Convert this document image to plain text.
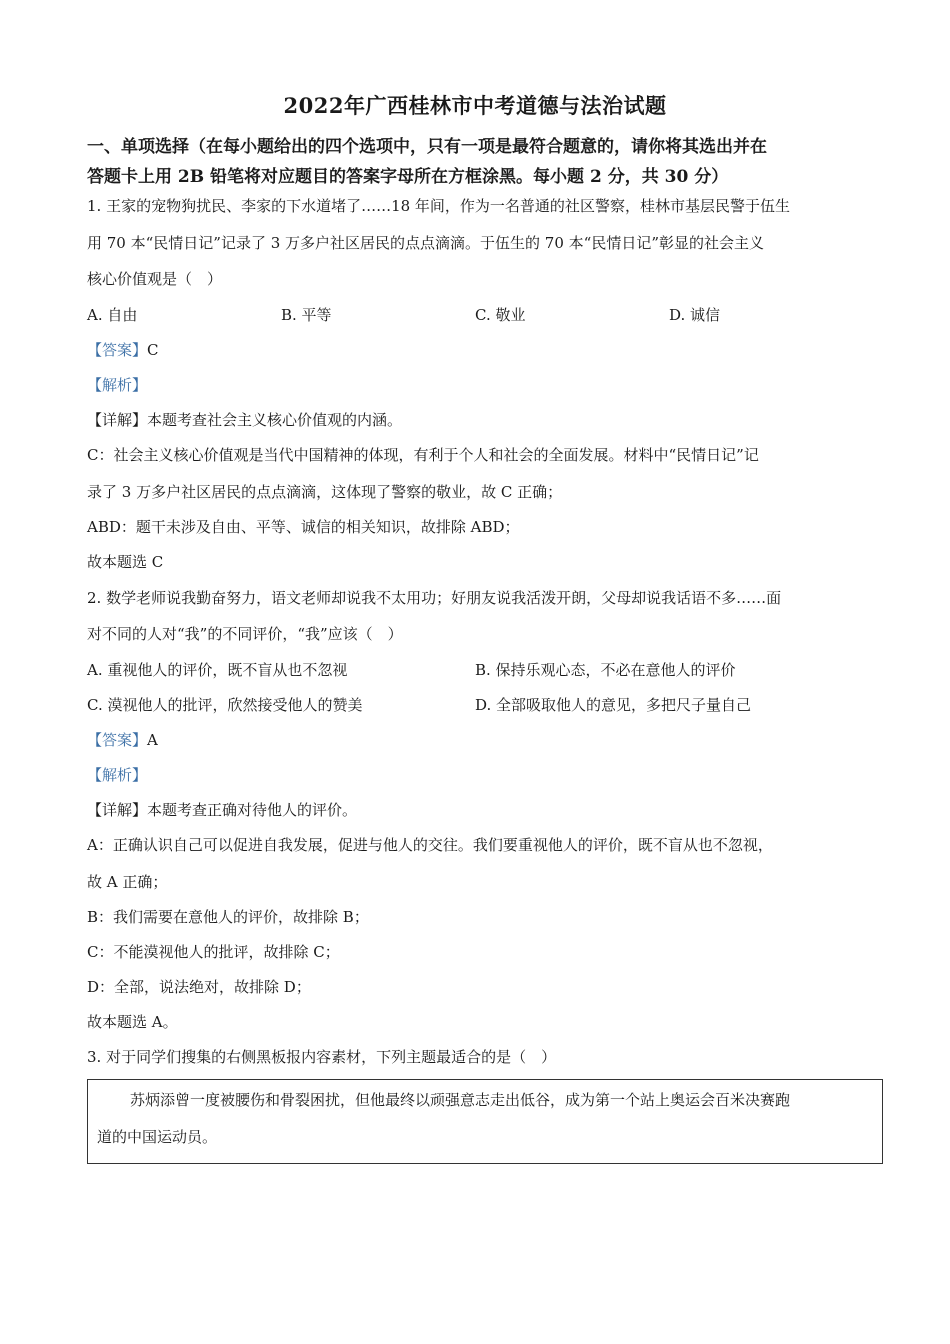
2022年广西桂林市中考道德与法治试题
一、单项选择（在每小题给出的四个选项中，只有一项是最符合题意的，请你将其选出并在
答题卡上用 2B 铅笔将对应题目的答案字母所在方框涂黑。每小题 2 分，共 30 分）
1. 王家的宠物狗扰民、李家的下水道堵了……18 年间，作为一名普通的社区警察，桂林市基层民警于伍生
用 70 本“民情日记”记录了 3 万多户社区居民的点点滴滴。于伍生的 70 本“民情日记”彰显的社会主义
核心价值观是（　）
A. 自由	B. 平等	C. 敬业	D. 诚信
【答案】C
【解析】
【详解】本题考查社会主义核心价值观的内涵。
C：社会主义核心价值观是当代中国精神的体现，有利于个人和社会的全面发展。材料中“民情日记”记
录了 3 万多户社区居民的点点滴滴，这体现了警察的敬业，故 C 正确；
ABD：题干未涉及自由、平等、诚信的相关知识，故排除 ABD；
故本题选 C
2. 数学老师说我勤奋努力，语文老师却说我不太用功；好朋友说我活泼开朗，父母却说我话语不多……面
对不同的人对“我”的不同评价，“我”应该（　）
A. 重视他人的评价，既不盲从也不忽视	B. 保持乐观心态，不必在意他人的评价
C. 漠视他人的批评，欣然接受他人的赞美	D. 全部吸取他人的意见，多把尺子量自己
【答案】A
【解析】
【详解】本题考查正确对待他人的评价。
A：正确认识自己可以促进自我发展，促进与他人的交往。我们要重视他人的评价，既不盲从也不忽视，
故 A 正确；
B：我们需要在意他人的评价，故排除 B；
C：不能漠视他人的批评，故排除 C；
D：全部，说法绝对，故排除 D；
故本题选 A。
3. 对于同学们搜集的右侧黑板报内容素材，下列主题最适合的是（　）
苏炳添曾一度被腰伤和骨裂困扰，但他最终以顽强意志走出低谷，成为第一个站上奥运会百米决赛跑
道的中国运动员。
